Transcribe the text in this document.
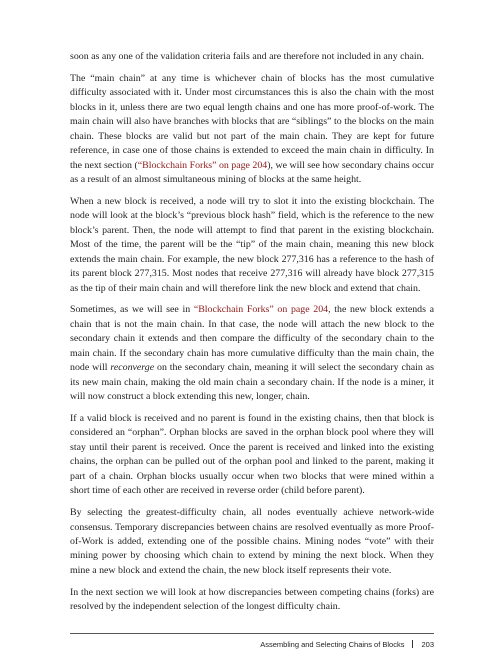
soon as any one of the validation criteria fails and are therefore not included in any chain.

The “main chain” at any time is whichever chain of blocks has the most cumulative difficulty associated with it. Under most circumstances this is also the chain with the most blocks in it, unless there are two equal length chains and one has more proof-of-work. The main chain will also have branches with blocks that are “siblings” to the blocks on the main chain. These blocks are valid but not part of the main chain. They are kept for future reference, in case one of those chains is extended to exceed the main chain in difficulty. In the next section (“Blockchain Forks” on page 204), we will see how secondary chains occur as a result of an almost simultaneous mining of blocks at the same height.

When a new block is received, a node will try to slot it into the existing blockchain. The node will look at the block’s “previous block hash” field, which is the reference to the new block’s parent. Then, the node will attempt to find that parent in the existing blockchain. Most of the time, the parent will be the “tip” of the main chain, meaning this new block extends the main chain. For example, the new block 277,316 has a reference to the hash of its parent block 277,315. Most nodes that receive 277,316 will already have block 277,315 as the tip of their main chain and will therefore link the new block and extend that chain.

Sometimes, as we will see in “Blockchain Forks” on page 204, the new block extends a chain that is not the main chain. In that case, the node will attach the new block to the secondary chain it extends and then compare the difficulty of the secondary chain to the main chain. If the secondary chain has more cumulative difficulty than the main chain, the node will reconverge on the secondary chain, meaning it will select the secondary chain as its new main chain, making the old main chain a secondary chain. If the node is a miner, it will now construct a block extending this new, longer, chain.

If a valid block is received and no parent is found in the existing chains, then that block is considered an “orphan”. Orphan blocks are saved in the orphan block pool where they will stay until their parent is received. Once the parent is received and linked into the existing chains, the orphan can be pulled out of the orphan pool and linked to the parent, making it part of a chain. Orphan blocks usually occur when two blocks that were mined within a short time of each other are received in reverse order (child before parent).

By selecting the greatest-difficulty chain, all nodes eventually achieve network-wide consensus. Temporary discrepancies between chains are resolved eventually as more Proof-of-Work is added, extending one of the possible chains. Mining nodes “vote” with their mining power by choosing which chain to extend by mining the next block. When they mine a new block and extend the chain, the new block itself represents their vote.

In the next section we will look at how discrepancies between competing chains (forks) are resolved by the independent selection of the longest difficulty chain.

Assembling and Selecting Chains of Blocks 203
